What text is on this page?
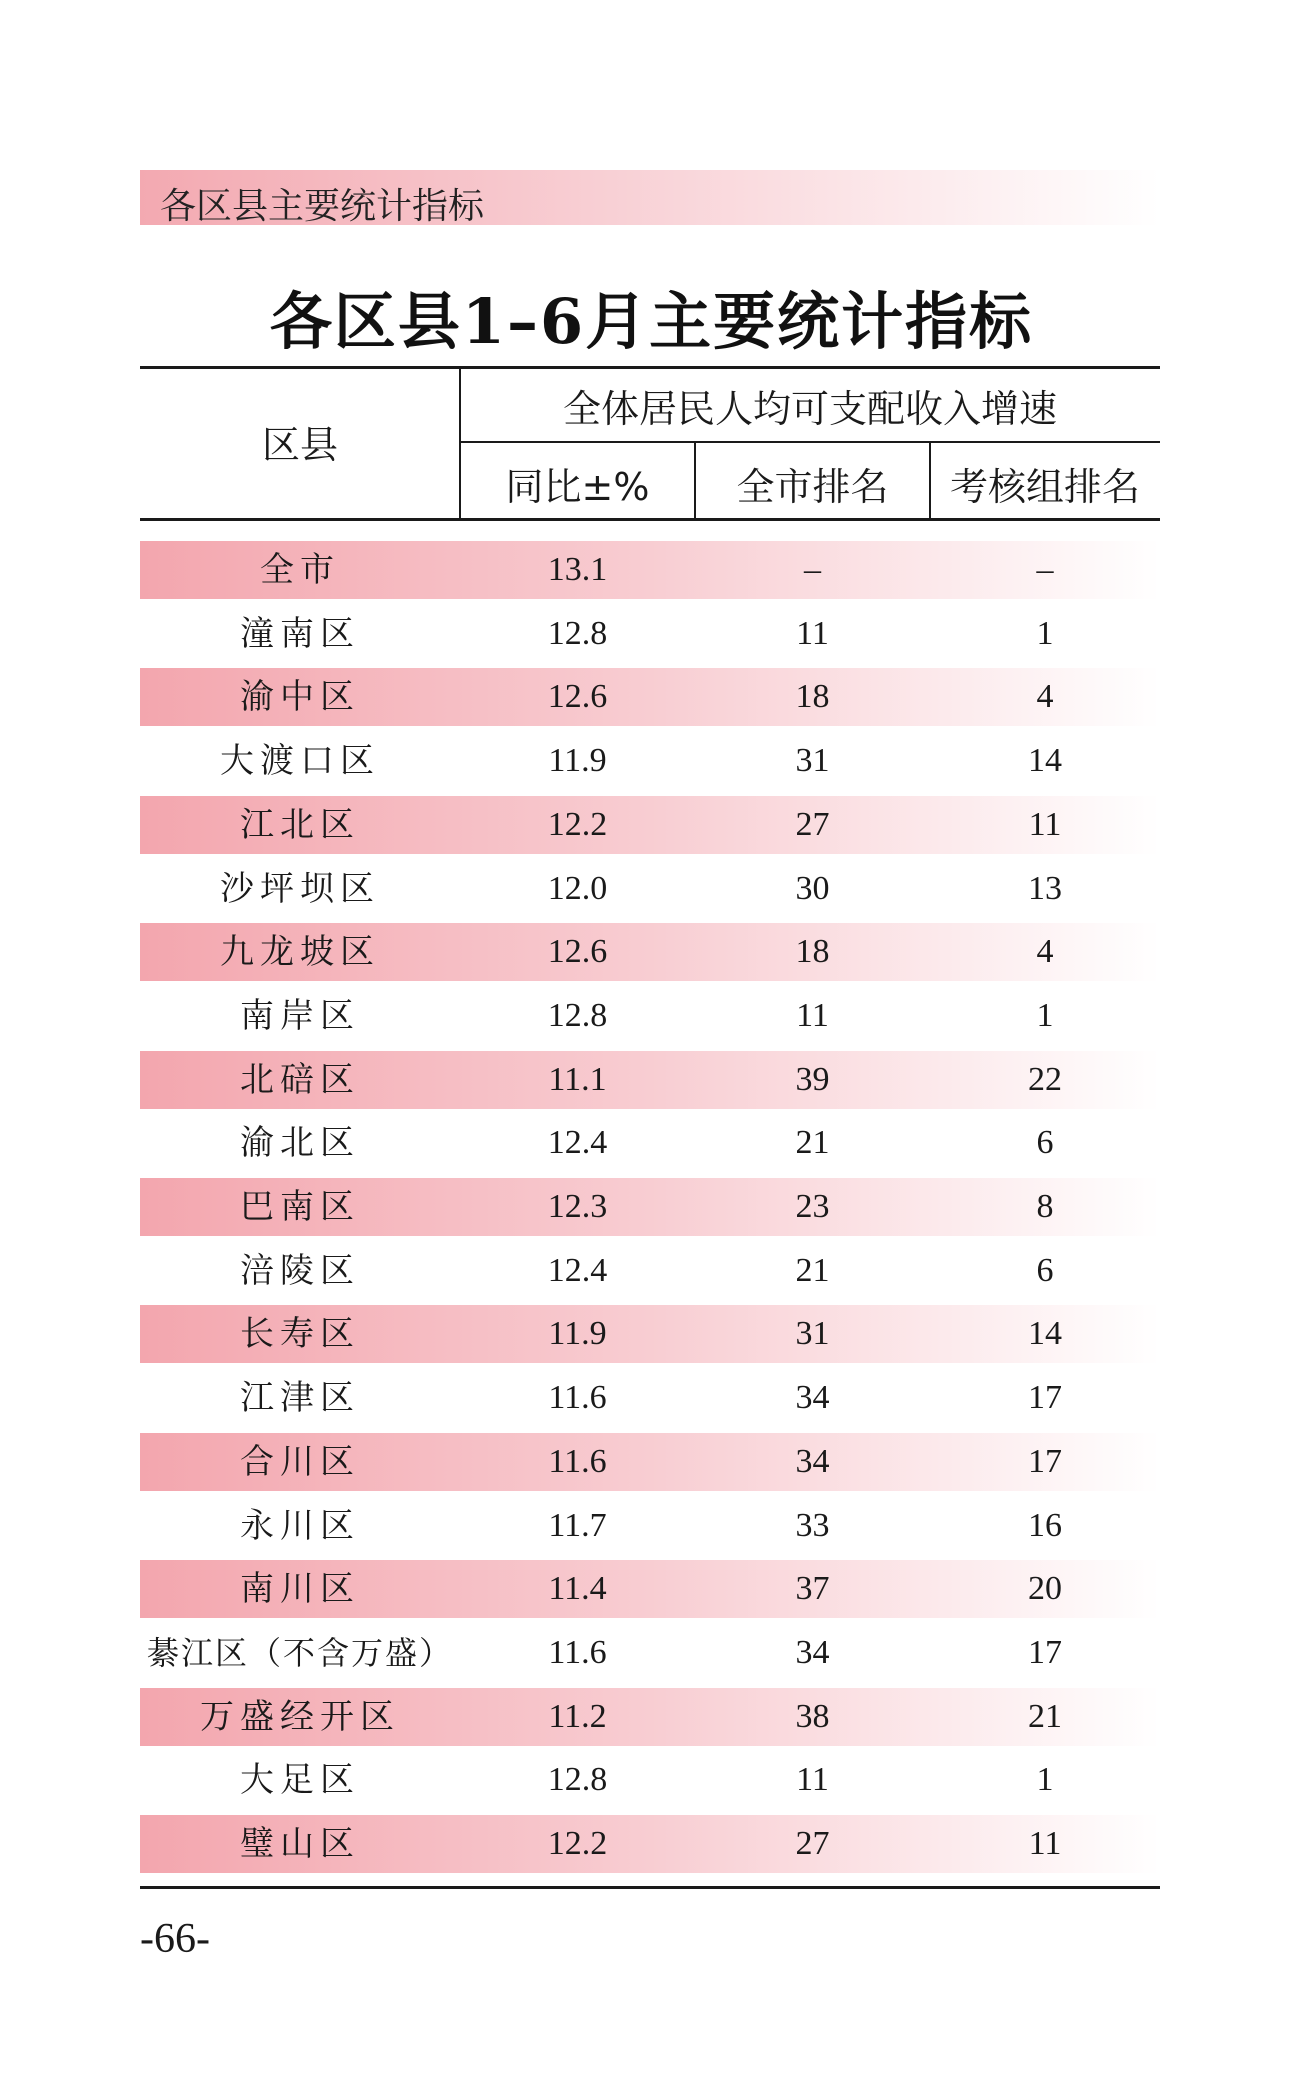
各区县主要统计指标
各区县1–6月主要统计指标
区县
全体居民人均可支配收入增速
同比±%	全市排名	考核组排名
全市	13.1	–	–
潼南区	12.8	11	1
渝中区	12.6	18	4
大渡口区	11.9	31	14
江北区	12.2	27	11
沙坪坝区	12.0	30	13
九龙坡区	12.6	18	4
南岸区	12.8	11	1
北碚区	11.1	39	22
渝北区	12.4	21	6
巴南区	12.3	23	8
涪陵区	12.4	21	6
长寿区	11.9	31	14
江津区	11.6	34	17
合川区	11.6	34	17
永川区	11.7	33	16
南川区	11.4	37	20
綦江区（不含万盛）	11.6	34	17
万盛经开区	11.2	38	21
大足区	12.8	11	1
璧山区	12.2	27	11
-66-
